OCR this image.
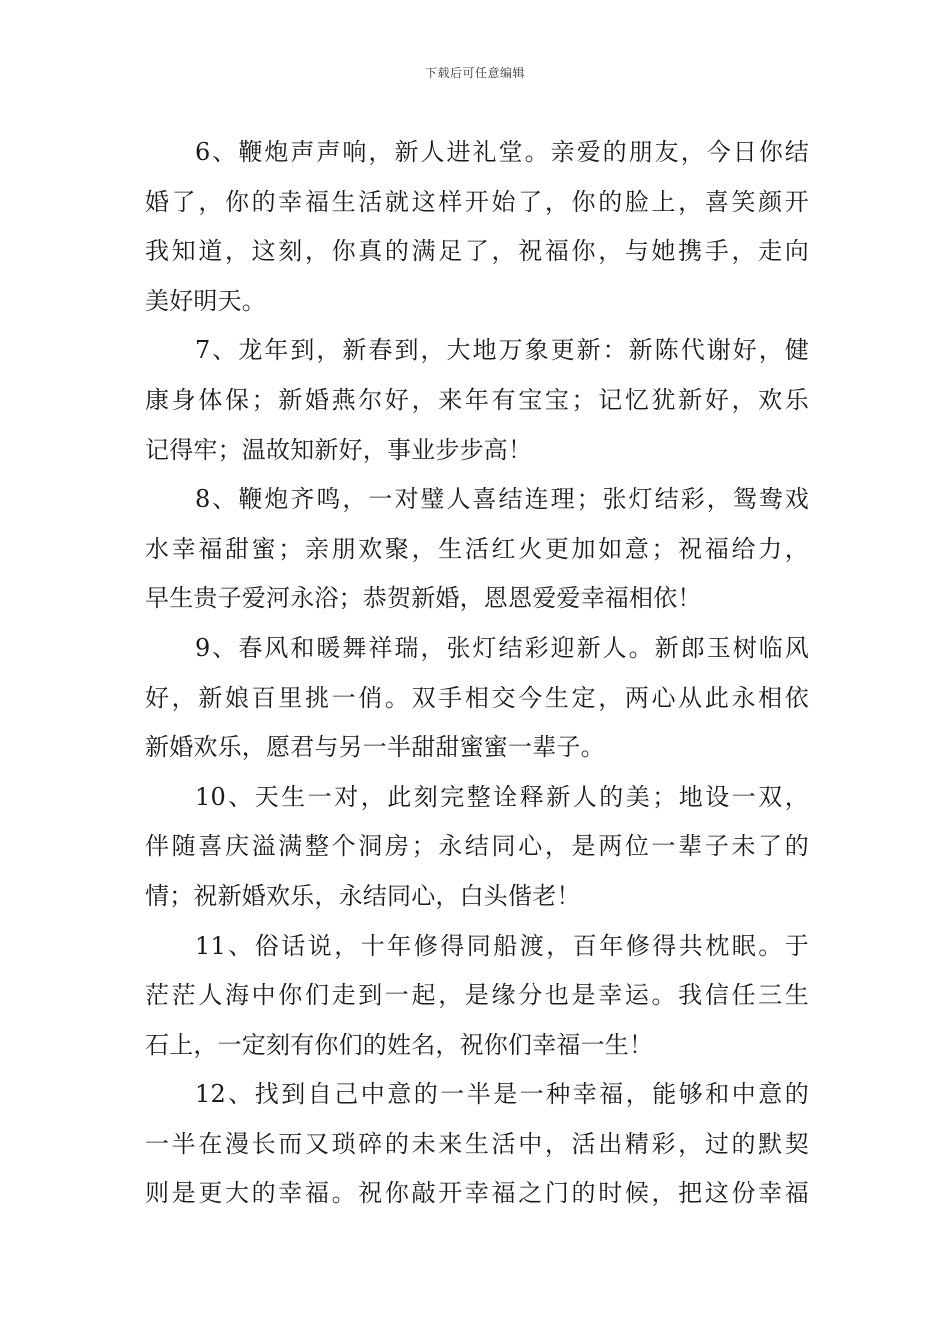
下载后可任意编辑
6、鞭炮声声响，新人进礼堂。亲爱的朋友，今日你结
婚了，你的幸福生活就这样开始了，你的脸上，喜笑颜开
我知道，这刻，你真的满足了，祝福你，与她携手，走向
美好明天。
7、龙年到，新春到，大地万象更新：新陈代谢好，健
康身体保；新婚燕尔好，来年有宝宝；记忆犹新好，欢乐
记得牢；温故知新好，事业步步高！
8、鞭炮齐鸣，一对璧人喜结连理；张灯结彩，鸳鸯戏
水幸福甜蜜；亲朋欢聚，生活红火更加如意；祝福给力，
早生贵子爱河永浴；恭贺新婚，恩恩爱爱幸福相依！
9、春风和暖舞祥瑞，张灯结彩迎新人。新郎玉树临风
好，新娘百里挑一俏。双手相交今生定，两心从此永相依
新婚欢乐，愿君与另一半甜甜蜜蜜一辈子。
10、天生一对，此刻完整诠释新人的美；地设一双，
伴随喜庆溢满整个洞房；永结同心，是两位一辈子未了的
情；祝新婚欢乐，永结同心，白头偕老！
11、俗话说，十年修得同船渡，百年修得共枕眠。于
茫茫人海中你们走到一起，是缘分也是幸运。我信任三生
石上，一定刻有你们的姓名，祝你们幸福一生！
12、找到自己中意的一半是一种幸福，能够和中意的
一半在漫长而又琐碎的未来生活中，活出精彩，过的默契
则是更大的幸福。祝你敲开幸福之门的时候，把这份幸福
